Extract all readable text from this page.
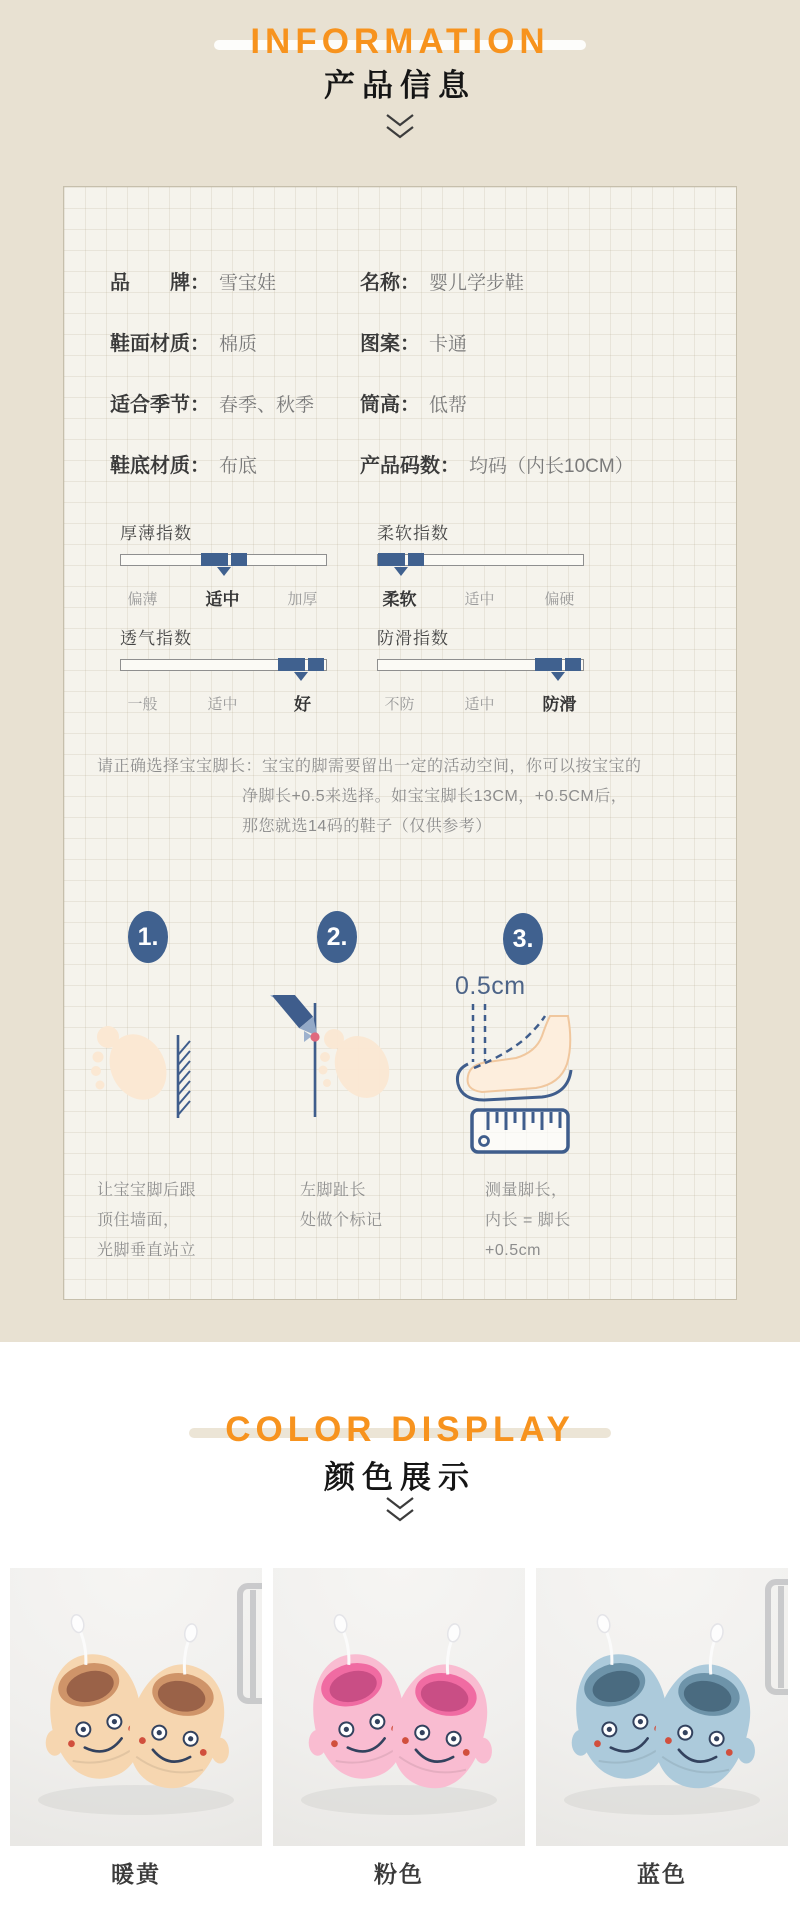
INFORMATION
产品信息
品　　牌： 雪宝娃	名称： 婴儿学步鞋
鞋面材质： 棉质	图案： 卡通
适合季节： 春季、秋季 筒高： 低帮
鞋底材质： 布底	产品码数： 均码（内长10CM）
厚薄指数
偏薄	适中	加厚
柔软指数
柔软	适中	偏硬
透气指数
一般	适中	好
防滑指数
不防	适中	防滑
请正确选择宝宝脚长：宝宝的脚需要留出一定的活动空间，你可以按宝宝的
净脚长+0.5来选择。如宝宝脚长13CM，+0.5CM后，
那您就选14码的鞋子（仅供参考）
1.	2.	3.
0.5cm
让宝宝脚后跟
顶住墙面，
光脚垂直站立
左脚趾长
处做个标记
测量脚长，
内长 = 脚长
+0.5cm
COLOR DISPLAY
颜色展示
暖黄	粉色	蓝色
